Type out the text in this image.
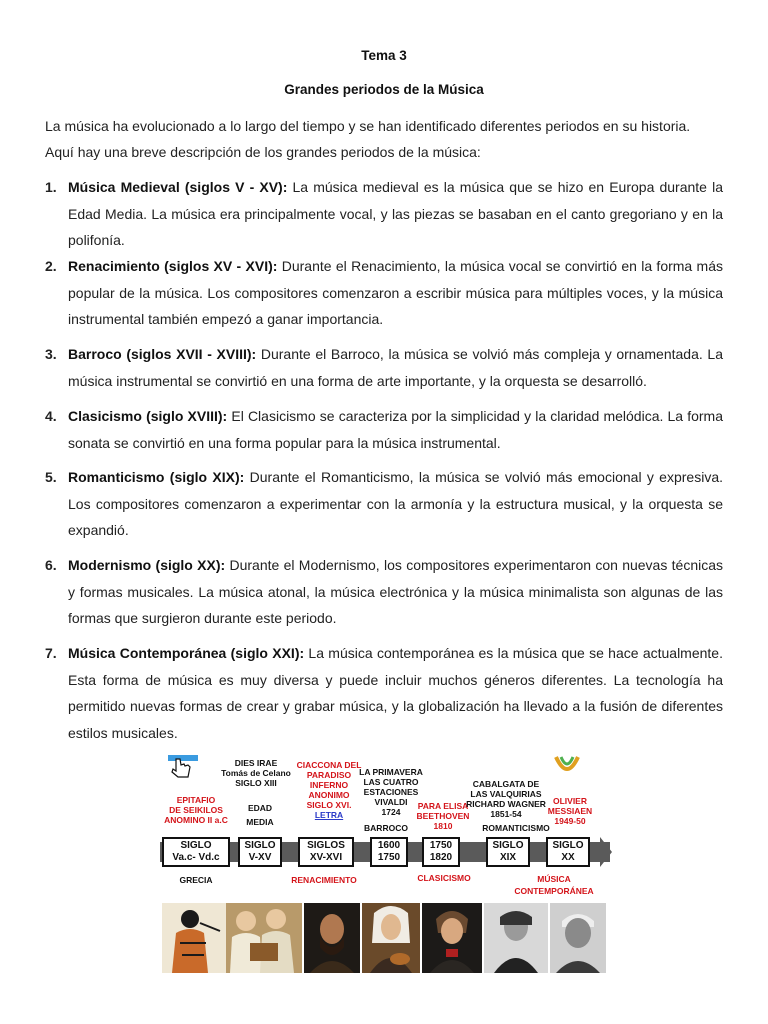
Tema 3
Grandes periodos de la Música
La música ha evolucionado a lo largo del tiempo y se han identificado diferentes periodos en su historia.
Aquí hay una breve descripción de los grandes periodos de la música:
1. Música Medieval (siglos V - XV): La música medieval es la música que se hizo en Europa durante la Edad Media. La música era principalmente vocal, y las piezas se basaban en el canto gregoriano y en la polifonía.
2. Renacimiento (siglos XV - XVI): Durante el Renacimiento, la música vocal se convirtió en la forma más popular de la música. Los compositores comenzaron a escribir música para múltiples voces, y la música instrumental también empezó a ganar importancia.
3. Barroco (siglos XVII - XVIII): Durante el Barroco, la música se volvió más compleja y ornamentada. La música instrumental se convirtió en una forma de arte importante, y la orquesta se desarrolló.
4. Clasicismo (siglo XVIII): El Clasicismo se caracteriza por la simplicidad y la claridad melódica. La forma sonata se convirtió en una forma popular para la música instrumental.
5. Romanticismo (siglo XIX): Durante el Romanticismo, la música se volvió más emocional y expresiva. Los compositores comenzaron a experimentar con la armonía y la estructura musical, y la orquesta se expandió.
6. Modernismo (siglo XX): Durante el Modernismo, los compositores experimentaron con nuevas técnicas y formas musicales. La música atonal, la música electrónica y la música minimalista son algunas de las formas que surgieron durante este periodo.
7. Música Contemporánea (siglo XXI): La música contemporánea es la música que se hace actualmente. Esta forma de música es muy diversa y puede incluir muchos géneros diferentes. La tecnología ha permitido nuevas formas de crear y grabar música, y la globalización ha llevado a la fusión de diferentes estilos musicales.
EPITAFIO
DE SEIKILOS
ANOMINO II a.C
DIES IRAE
Tomás de Celano
SIGLO XIII
EDAD
MEDIA
CIACCONA DEL
PARADISO
INFERNO
ANONIMO
SIGLO XVI.
LETRA
LA PRIMAVERA
LAS CUATRO
ESTACIONES
VIVALDI
1724
BARROCO
PARA ELISA
BEETHOVEN
1810
CABALGATA DE
LAS VALQUIRIAS
RICHARD WAGNER
1851-54
ROMANTICISMO
OLIVIER
MESSIAEN
1949-50
SIGLO
Va.c- Vd.c
SIGLO
V-XV
SIGLOS
XV-XVI
1600
1750
1750
1820
SIGLO
XIX
SIGLO
XX
GRECIA	RENACIMIENTO	CLASICISMO	MÚSICA
CONTEMPORÁNEA
